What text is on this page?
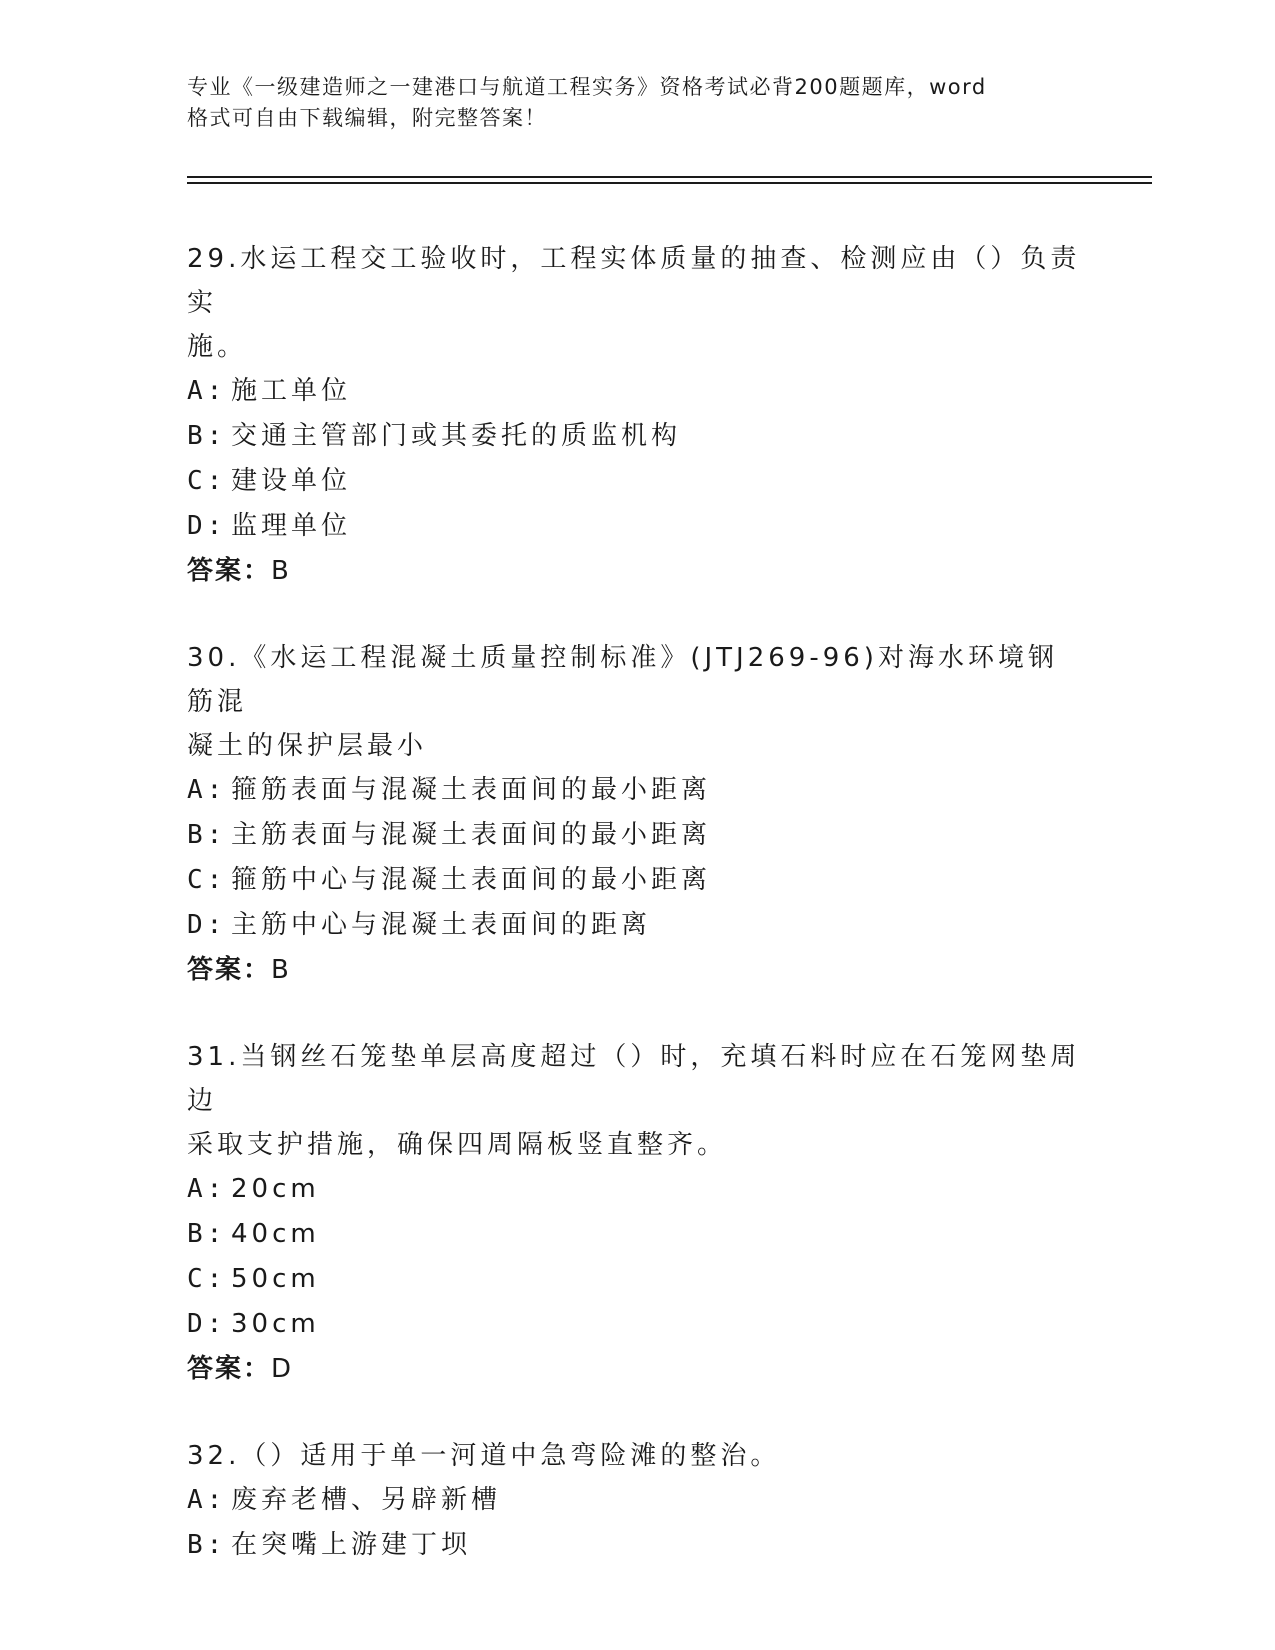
专业《一级建造师之一建港口与航道工程实务》资格考试必背200题题库，word
格式可自由下载编辑，附完整答案！

29.水运工程交工验收时，工程实体质量的抽查、检测应由（）负责实
施。

A: 施工单位

B: 交通主管部门或其委托的质监机构

C: 建设单位

D: 监理单位

答案：B

30.《水运工程混凝土质量控制标准》(JTJ269-96)对海水环境钢筋混
凝土的保护层最小

A: 箍筋表面与混凝土表面间的最小距离

B: 主筋表面与混凝土表面间的最小距离

C: 箍筋中心与混凝土表面间的最小距离

D: 主筋中心与混凝土表面间的距离

答案：B

31.当钢丝石笼垫单层高度超过（）时，充填石料时应在石笼网垫周边
采取支护措施，确保四周隔板竖直整齐。

A: 20cm

B: 40cm

C: 50cm

D: 30cm

答案：D

32.（）适用于单一河道中急弯险滩的整治。

A: 废弃老槽、另辟新槽

B: 在突嘴上游建丁坝
